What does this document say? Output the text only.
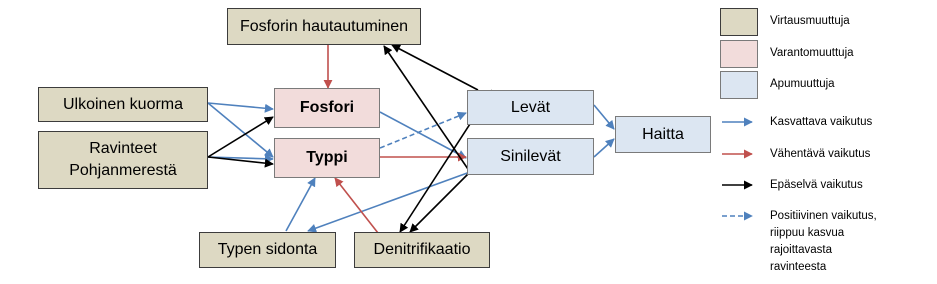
Fosforin hautautuminen
Ulkoinen kuorma
Ravinteet
Pohjanmerestä
Fosfori
Typpi
Levät
Sinilevät
Haitta
Typen sidonta	Denitrifikaatio
Virtausmuuttuja
Varantomuuttuja
Apumuuttuja
Kasvattava vaikutus
Vähentävä vaikutus
Epäselvä vaikutus
Positiivinen vaikutus,
riippuu kasvua
rajoittavasta
ravinteesta
